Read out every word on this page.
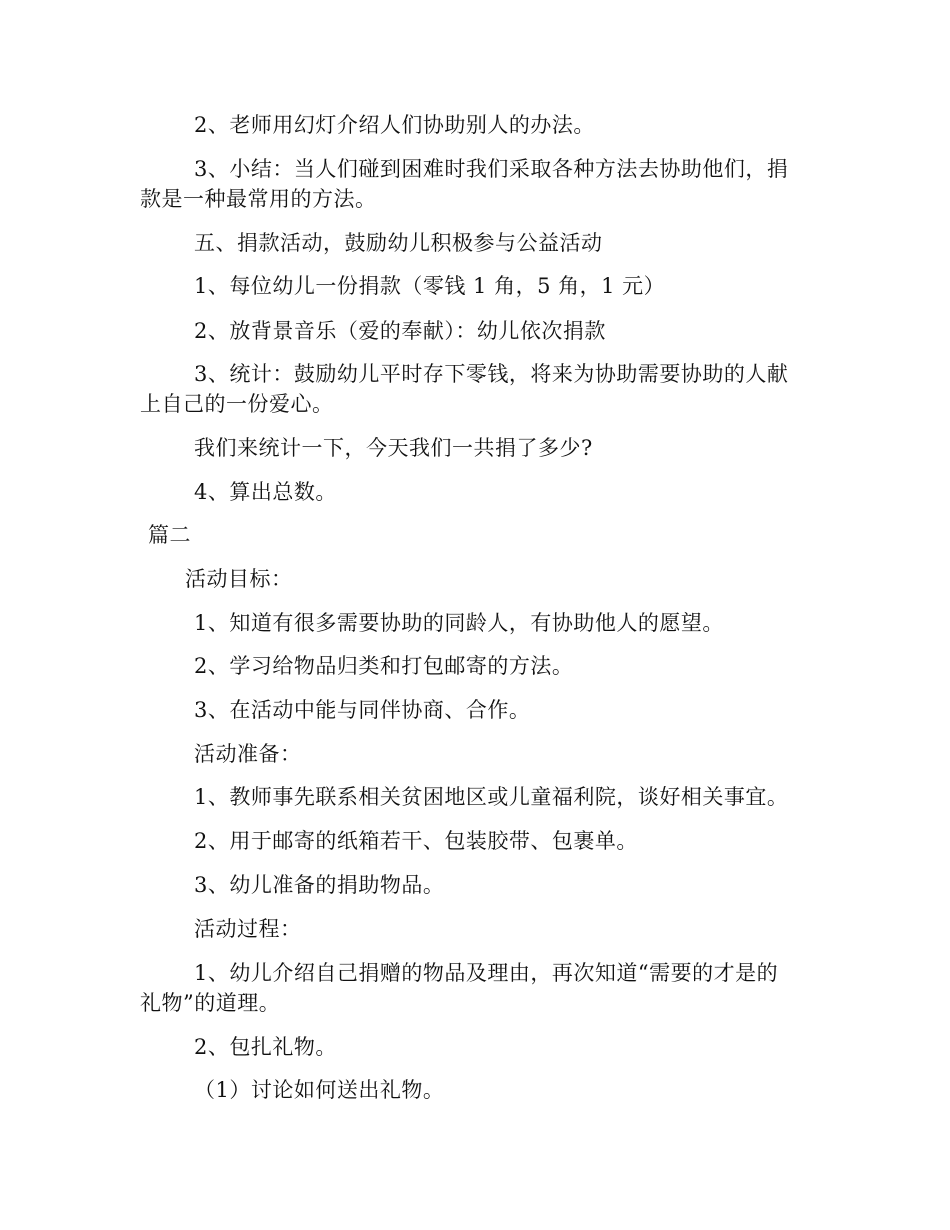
2、老师用幻灯介绍人们协助别人的办法。
3、小结：当人们碰到困难时我们采取各种方法去协助他们，捐
款是一种最常用的方法。
五、捐款活动，鼓励幼儿积极参与公益活动
1、每位幼儿一份捐款（零钱 1 角，5 角，1 元）
2、放背景音乐（爱的奉献）：幼儿依次捐款
3、统计：鼓励幼儿平时存下零钱，将来为协助需要协助的人献
上自己的一份爱心。
我们来统计一下，今天我们一共捐了多少?
4、算出总数。
篇二
活动目标：
1、知道有很多需要协助的同龄人，有协助他人的愿望。
2、学习给物品归类和打包邮寄的方法。
3、在活动中能与同伴协商、合作。
活动准备：
1、教师事先联系相关贫困地区或儿童福利院，谈好相关事宜。
2、用于邮寄的纸箱若干、包装胶带、包裹单。
3、幼儿准备的捐助物品。
活动过程：
1、幼儿介绍自己捐赠的物品及理由，再次知道“需要的才是的
礼物”的道理。
2、包扎礼物。
（1）讨论如何送出礼物。
